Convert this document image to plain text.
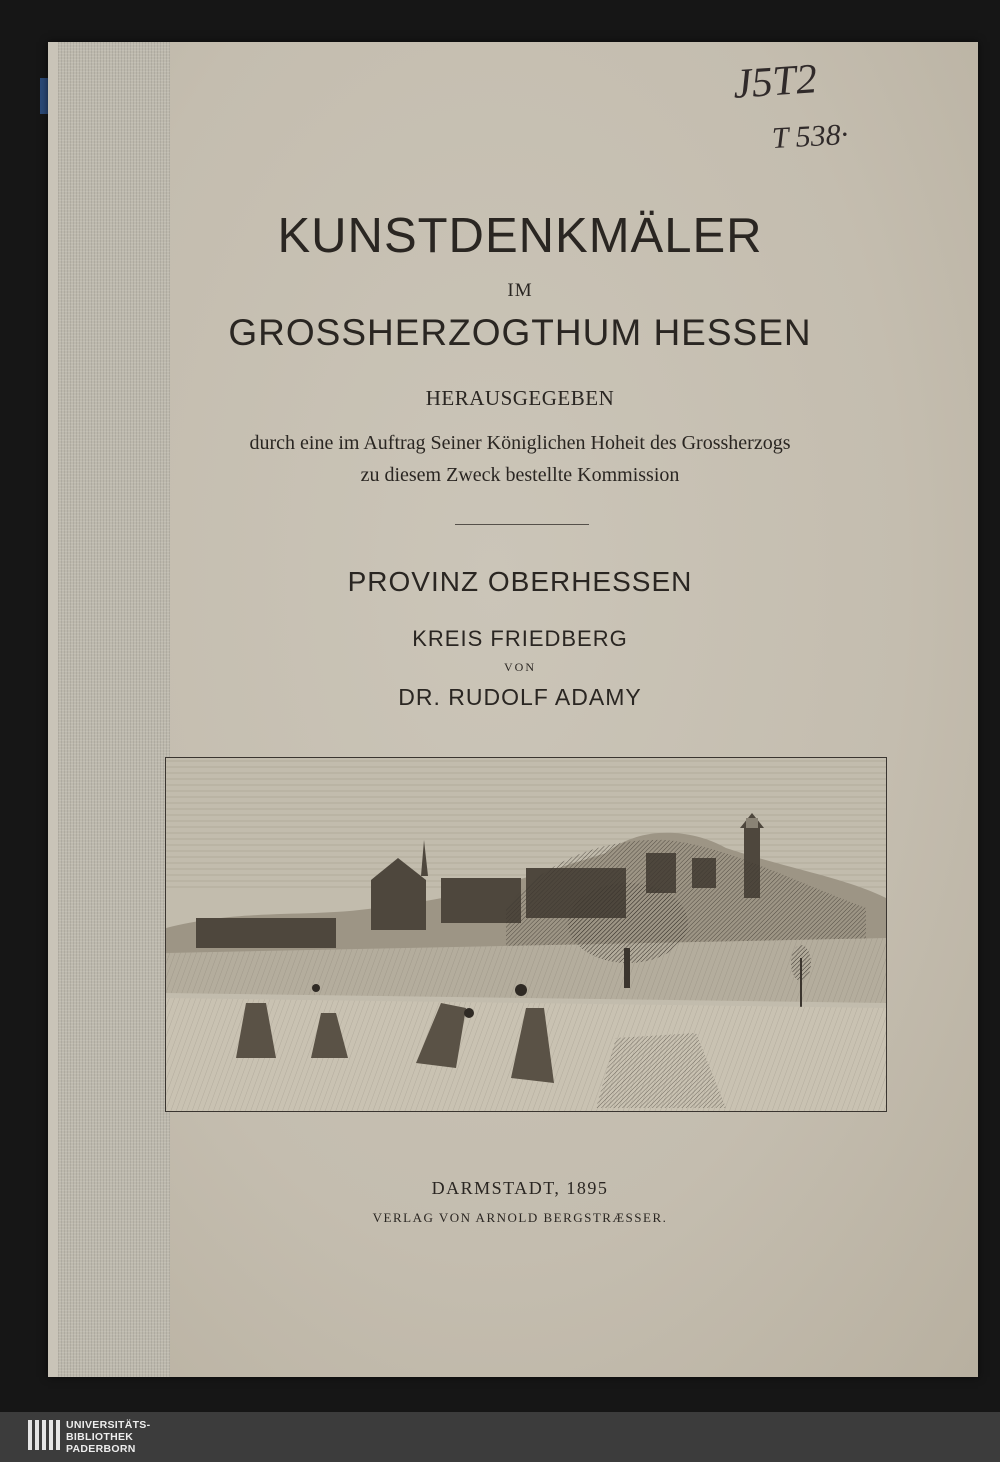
J5T2
T 538·
KUNSTDENKMÄLER
IM
GROSSHERZOGTHUM HESSEN
HERAUSGEGEBEN
durch eine im Auftrag Seiner Königlichen Hoheit des Grossherzogs
zu diesem Zweck bestellte Kommission
PROVINZ OBERHESSEN
KREIS FRIEDBERG
VON
DR. RUDOLF ADAMY
DARMSTADT, 1895
VERLAG VON ARNOLD BERGSTRÆSSER.
UNIVERSITÄTS-
BIBLIOTHEK
PADERBORN
